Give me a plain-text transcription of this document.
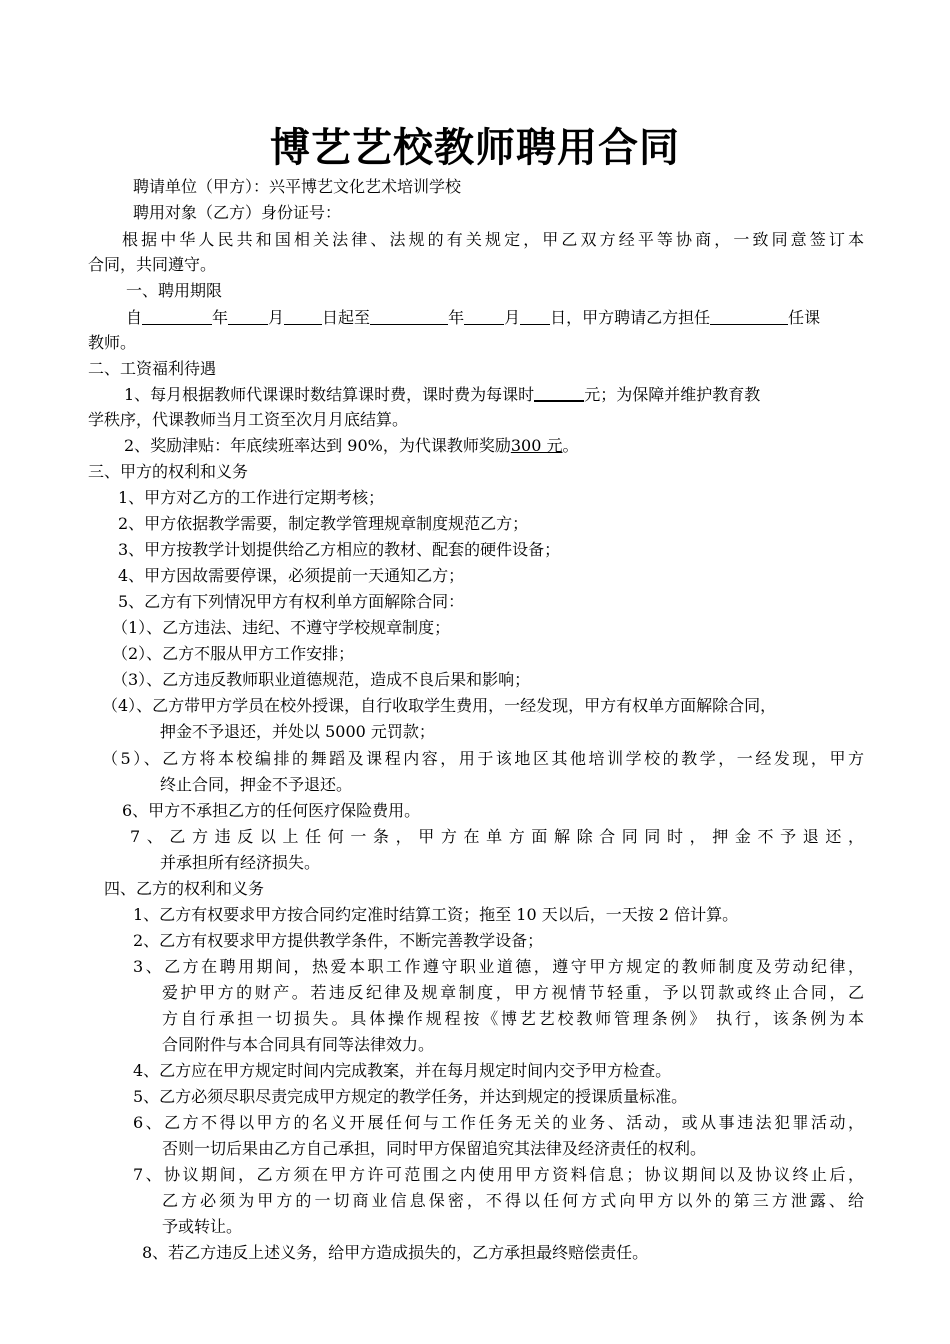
博艺艺校教师聘用合同
聘请单位（甲方）：兴平博艺文化艺术培训学校
聘用对象（乙方）身份证号：
根据中华人民共和国相关法律、法规的有关规定，甲乙双方经平等协商，一致同意签订本
合同，共同遵守。
一、聘用期限
自	年	月 日起至	年	月 日，甲方聘请乙方担任	任课
教师。
二、工资福利待遇
1、每月根据教师代课课时数结算课时费，课时费为每课时	元；为保障并维护教育教
学秩序，代课教师当月工资至次月月底结算。
2、奖励津贴：年底续班率达到 90%，为代课教师奖励300 元。
三、甲方的权利和义务
1、甲方对乙方的工作进行定期考核；
2、甲方依据教学需要，制定教学管理规章制度规范乙方；
3、甲方按教学计划提供给乙方相应的教材、配套的硬件设备；
4、甲方因故需要停课，必须提前一天通知乙方；
5、乙方有下列情况甲方有权利单方面解除合同：
（1）、乙方违法、违纪、不遵守学校规章制度；
（2）、乙方不服从甲方工作安排；
（3）、乙方违反教师职业道德规范，造成不良后果和影响；
（4）、乙方带甲方学员在校外授课，自行收取学生费用，一经发现，甲方有权单方面解除合同，
押金不予退还，并处以 5000 元罚款；
（5）、乙方将本校编排的舞蹈及课程内容，用于该地区其他培训学校的教学，一经发现，甲方
终止合同，押金不予退还。
6、甲方不承担乙方的任何医疗保险费用。
7、乙方违反以上任何一条，甲方在单方面解除合同同时，押金不予退还，
并承担所有经济损失。
四、乙方的权利和义务
1、乙方有权要求甲方按合同约定准时结算工资；拖至 10 天以后，一天按 2 倍计算。
2、乙方有权要求甲方提供教学条件，不断完善教学设备；
3、乙方在聘用期间，热爱本职工作遵守职业道德，遵守甲方规定的教师制度及劳动纪律，
爱护甲方的财产。若违反纪律及规章制度，甲方视情节轻重，予以罚款或终止合同，乙
方自行承担一切损失。具体操作规程按《博艺艺校教师管理条例》 执行，该条例为本
合同附件与本合同具有同等法律效力。
4、乙方应在甲方规定时间内完成教案，并在每月规定时间内交予甲方检查。
5、乙方必须尽职尽责完成甲方规定的教学任务，并达到规定的授课质量标准。
6、乙方不得以甲方的名义开展任何与工作任务无关的业务、活动，或从事违法犯罪活动，
否则一切后果由乙方自己承担，同时甲方保留追究其法律及经济责任的权利。
7、协议期间，乙方须在甲方许可范围之内使用甲方资料信息；协议期间以及协议终止后，
乙方必须为甲方的一切商业信息保密，不得以任何方式向甲方以外的第三方泄露、给
予或转让。
8、若乙方违反上述义务，给甲方造成损失的，乙方承担最终赔偿责任。
